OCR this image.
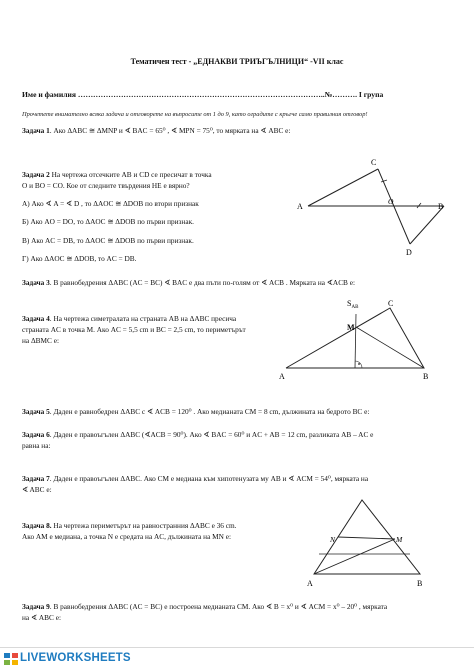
Тематичен тест - „ЕДНАКВИ ТРИЪГЪЛНИЦИ“ -VII клас
Име и фамилия ……………………………………………………………………………………..№………. І група
Прочетете внимателно всяка задача и отговорете на въпросите от 1 до 9, като оградите с кръгче само правилния отговор!
Задача 1. Ако ΔABC ≅ ΔMNP и ∢ BAC = 65⁰ , ∢ MPN = 75⁰, то мярката на ∢ ABC е:
Задача 2 На чертежа отсечките AB и CD се пресичат в точка
O и BO = CO. Кое от следните твърдения НЕ е вярно?
А) Ако ∢ A = ∢ D , то ΔAOC ≅ ΔDOB по втори признак
Б) Ако AO = DO, то ΔAOC ≅ ΔDOB по първи признак.
В) Ако AC = DB, то ΔAOC ≅ ΔDOB по първи признак.
Г) Ако ΔAOC ≅ ΔDOB, то AC = DB.
A	B
C
D
O
Задача 3. В равнобедрения ΔABC (AC = BC) ∢ BAC е два пъти по-голям от ∢ ACB . Мярката на ∢ACB е:
Задача 4. На чертежа симетралата на страната AB на ΔABC пресича
страната AC в точка M. Ако AC = 5,5 cm и BC = 2,5 cm, то периметърът
на ΔBMC е:
A	B
C
M
$S_{AB}$
Задача 5. Даден е равнобедрен ΔABC с ∢ ACB = 120⁰ . Ако медианата CM = 8 cm, дължината на бедрото BC е:
Задача 6. Даден е правоъгълен ΔABC (∢ACB = 90⁰). Ако ∢ BAC = 60⁰ и AC + AB = 12 cm, разликата AB – AC е
равна на:
Задача 7. Даден е правоъгълен ΔABC. Ако CM е медиана към хипотенузата му AB и ∢ ACM = 54⁰, мярката на
∢ ABC е:
Задача 8. На чертежа периметърът на равностранния ΔABC е 36 cm.
Ако AM е медиана, а точка N е средата на AC, дължината на MN е:
A	B
N	M
Задача 9. В равнобедрения ΔABC (AC = BC) е построена медианата CM. Ако ∢ B = x⁰ и ∢ ACM = x⁰ – 20⁰ , мярката
на ∢ ABC е:
LIVEWORKSHEETS
